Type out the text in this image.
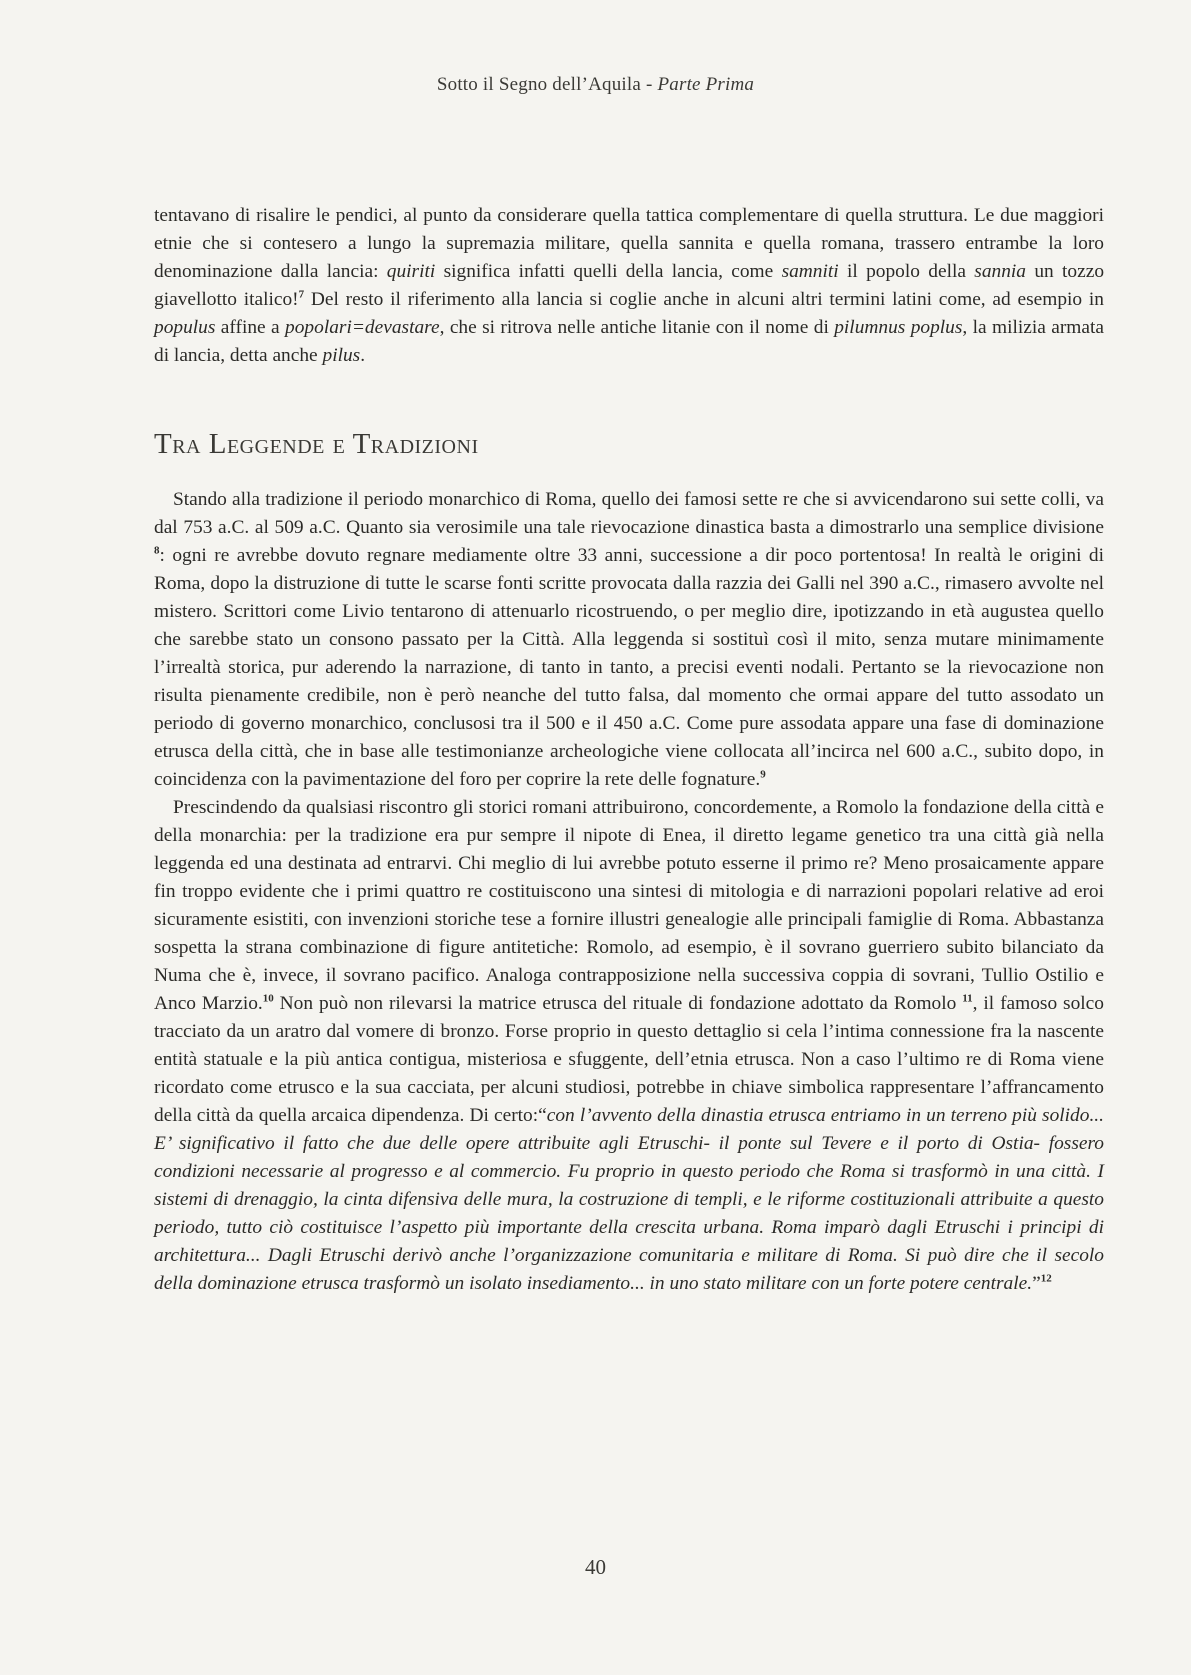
Sotto il Segno dell’Aquila - Parte Prima

tentavano di risalire le pendici, al punto da considerare quella tattica complementare di quella struttura. Le due maggiori etnie che si contesero a lungo la supremazia militare, quella sannita e quella romana, trassero entrambe la loro denominazione dalla lancia: quiriti significa infatti quelli della lancia, come samniti il popolo della sannia un tozzo giavellotto italico!$^7$ Del resto il riferimento alla lancia si coglie anche in alcuni altri termini latini come, ad esempio in populus affine a popolari=devastare, che si ritrova nelle antiche litanie con il nome di pilumnus poplus, la milizia armata di lancia, detta anche pilus.

Tra Leggende e Tradizioni

Stando alla tradizione il periodo monarchico di Roma, quello dei famosi sette re che si avvicendarono sui sette colli, va dal 753 a.C. al 509 a.C. Quanto sia verosimile una tale rievocazione dinastica basta a dimostrarlo una semplice divisione $^8$: ogni re avrebbe dovuto regnare mediamente oltre 33 anni, successione a dir poco portentosa! In realtà le origini di Roma, dopo la distruzione di tutte le scarse fonti scritte provocata dalla razzia dei Galli nel 390 a.C., rimasero avvolte nel mistero. Scrittori come Livio tentarono di attenuarlo ricostruendo, o per meglio dire, ipotizzando in età augustea quello che sarebbe stato un consono passato per la Città. Alla leggenda si sostituì così il mito, senza mutare minimamente l’irrealtà storica, pur aderendo la narrazione, di tanto in tanto, a precisi eventi nodali. Pertanto se la rievocazione non risulta pienamente credibile, non è però neanche del tutto falsa, dal momento che ormai appare del tutto assodato un periodo di governo monarchico, conclusosi tra il 500 e il 450 a.C. Come pure assodata appare una fase di dominazione etrusca della città, che in base alle testimonianze archeologiche viene collocata all’incirca nel 600 a.C., subito dopo, in coincidenza con la pavimentazione del foro per coprire la rete delle fognature.$^9$

Prescindendo da qualsiasi riscontro gli storici romani attribuirono, concordemente, a Romolo la fondazione della città e della monarchia: per la tradizione era pur sempre il nipote di Enea, il diretto legame genetico tra una città già nella leggenda ed una destinata ad entrarvi. Chi meglio di lui avrebbe potuto esserne il primo re? Meno prosaicamente appare fin troppo evidente che i primi quattro re costituiscono una sintesi di mitologia e di narrazioni popolari relative ad eroi sicuramente esistiti, con invenzioni storiche tese a fornire illustri genealogie alle principali famiglie di Roma. Abbastanza sospetta la strana combinazione di figure antitetiche: Romolo, ad esempio, è il sovrano guerriero subito bilanciato da Numa che è, invece, il sovrano pacifico. Analoga contrapposizione nella successiva coppia di sovrani, Tullio Ostilio e Anco Marzio.$^{10}$ Non può non rilevarsi la matrice etrusca del rituale di fondazione adottato da Romolo $^{11}$, il famoso solco tracciato da un aratro dal vomere di bronzo. Forse proprio in questo dettaglio si cela l’intima connessione fra la nascente entità statuale e la più antica contigua, misteriosa e sfuggente, dell’etnia etrusca. Non a caso l’ultimo re di Roma viene ricordato come etrusco e la sua cacciata, per alcuni studiosi, potrebbe in chiave simbolica rappresentare l’affrancamento della città da quella arcaica dipendenza. Di certo:“con l’avvento della dinastia etrusca entriamo in un terreno più solido... E’ significativo il fatto che due delle opere attribuite agli Etruschi- il ponte sul Tevere e il porto di Ostia- fossero condizioni necessarie al progresso e al commercio. Fu proprio in questo periodo che Roma si trasformò in una città. I sistemi di drenaggio, la cinta difensiva delle mura, la costruzione di templi, e le riforme costituzionali attribuite a questo periodo, tutto ciò costituisce l’aspetto più importante della crescita urbana. Roma imparò dagli Etruschi i principi di architettura... Dagli Etruschi derivò anche l’organizzazione comunitaria e militare di Roma. Si può dire che il secolo della dominazione etrusca trasformò un isolato insediamento... in uno stato militare con un forte potere centrale.”$^{12}$

40
